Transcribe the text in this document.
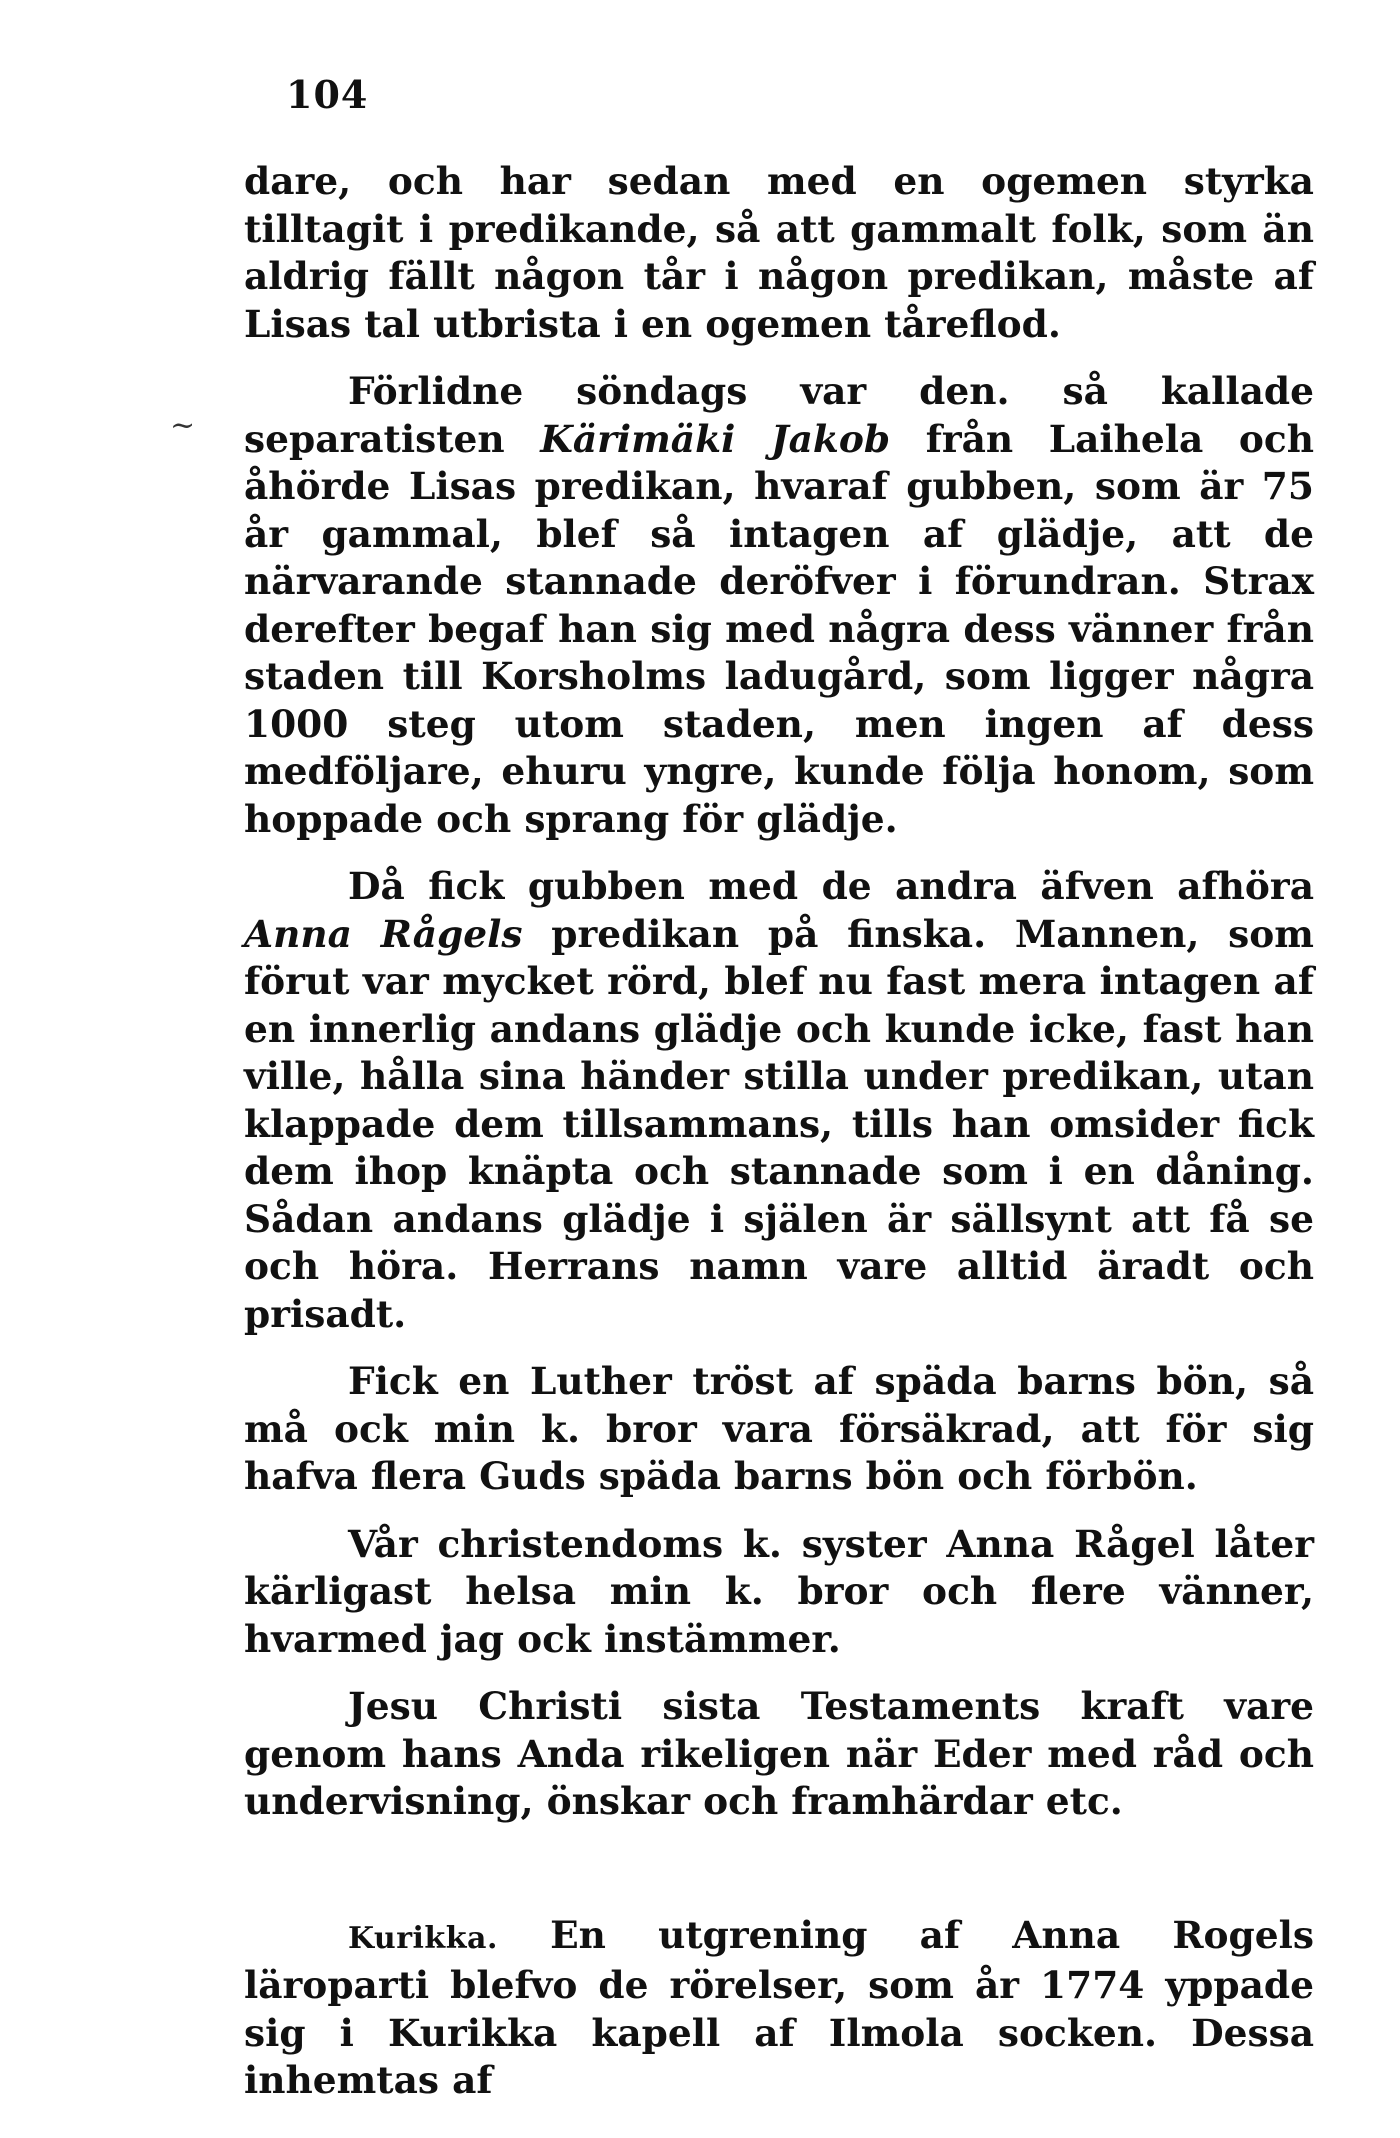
104
~

dare, och har sedan med en ogemen styrka tilltagit i predikande, så att gammalt folk, som än aldrig fällt någon tår i någon predikan, måste af Lisas tal utbrista i en ogemen tåreflod.

Förlidne söndags var den. så kallade separatisten Kärimäki Jakob från Laihela och åhörde Lisas predikan, hvaraf gubben, som är 75 år gammal, blef så intagen af glädje, att de närvarande stannade deröfver i förundran. Strax derefter begaf han sig med några dess vänner från staden till Korsholms ladugård, som ligger några 1000 steg utom staden, men ingen af dess medföljare, ehuru yngre, kunde följa honom, som hoppade och sprang för glädje.

Då fick gubben med de andra äfven afhöra Anna Rågels predikan på finska. Mannen, som förut var mycket rörd, blef nu fast mera intagen af en innerlig andans glädje och kunde icke, fast han ville, hålla sina händer stilla under predikan, utan klappade dem tillsammans, tills han omsider fick dem ihop knäpta och stannade som i en dåning. Sådan andans glädje i själen är sällsynt att få se och höra. Herrans namn vare alltid äradt och prisadt.

Fick en Luther tröst af späda barns bön, så må ock min k. bror vara försäkrad, att för sig hafva flera Guds späda barns bön och förbön.

Vår christendoms k. syster Anna Rågel låter kärligast helsa min k. bror och flere vänner, hvarmed jag ock instämmer.

Jesu Christi sista Testaments kraft vare genom hans Anda rikeligen när Eder med råd och undervisning, önskar och framhärdar etc.

Kurikka. En utgrening af Anna Rogels läroparti blefvo de rörelser, som år 1774 yppade sig i Kurikka kapell af Ilmola socken. Dessa inhemtas af
